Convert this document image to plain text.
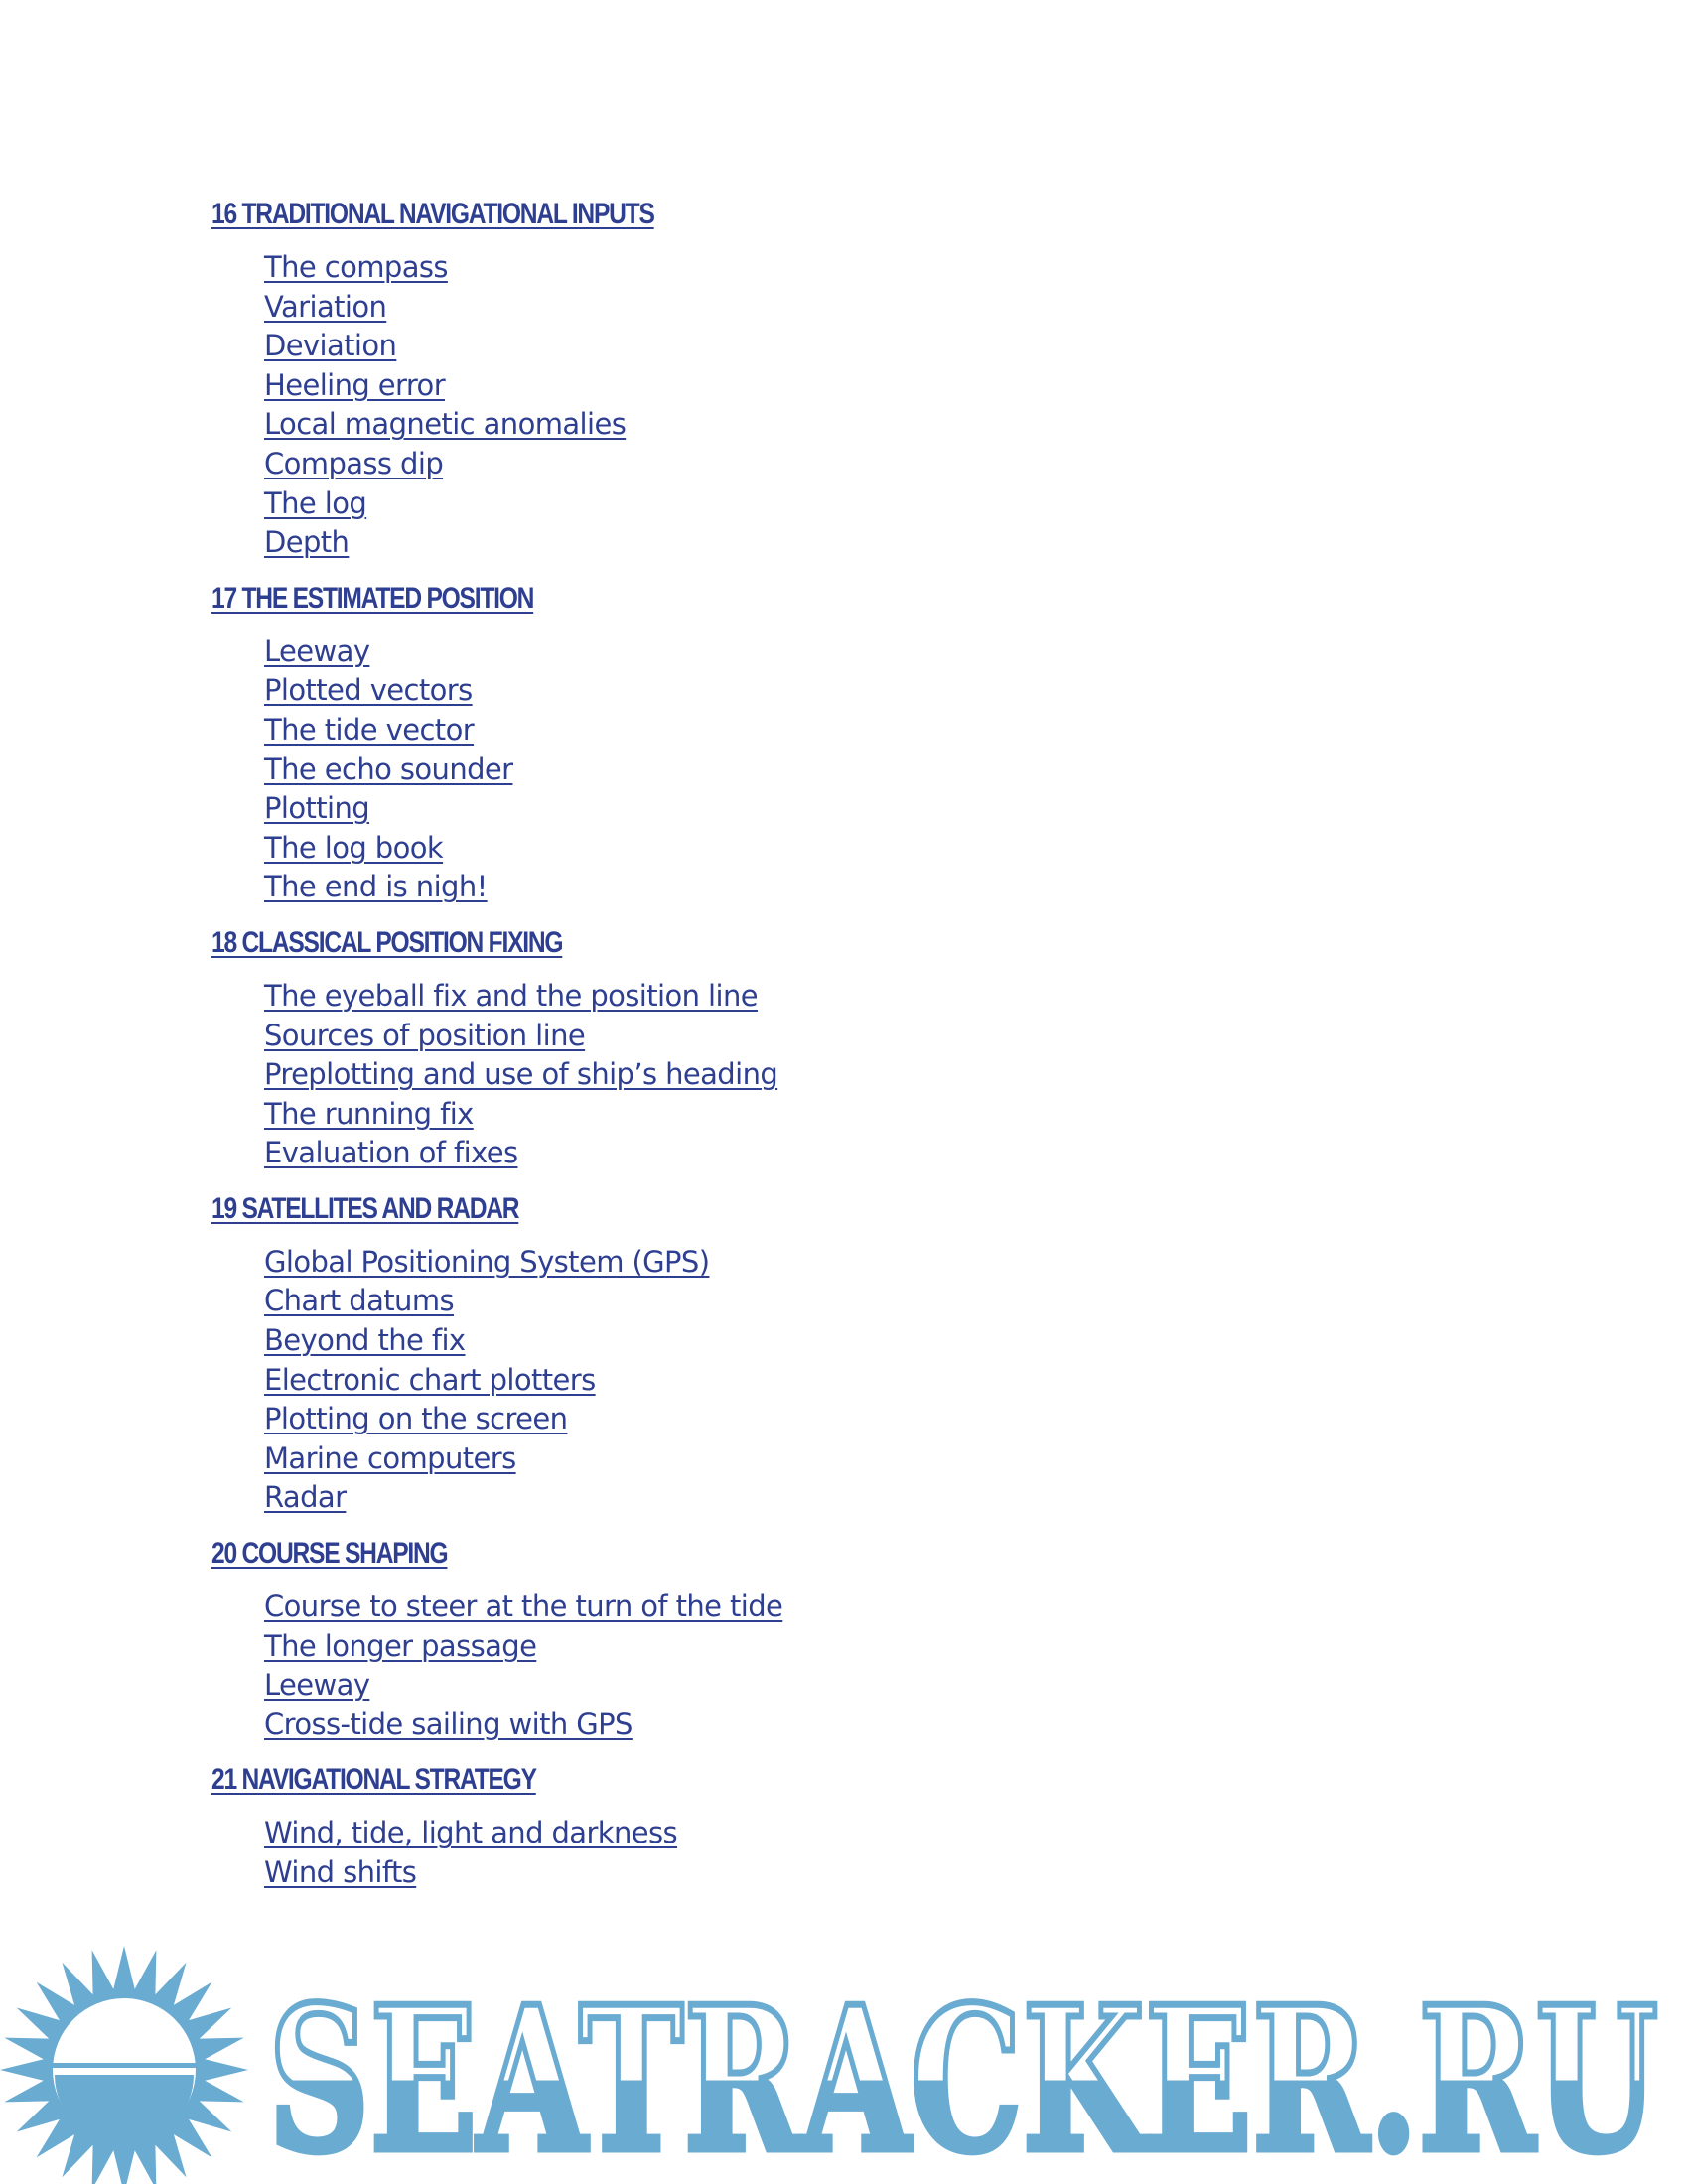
16 TRADITIONAL NAVIGATIONAL INPUTS
The compass
Variation
Deviation
Heeling error
Local magnetic anomalies
Compass dip
The log
Depth
17 THE ESTIMATED POSITION
Leeway
Plotted vectors
The tide vector
The echo sounder
Plotting
The log book
The end is nigh!
18 CLASSICAL POSITION FIXING
The eyeball fix and the position line
Sources of position line
Preplotting and use of ship’s heading
The running fix
Evaluation of fixes
19 SATELLITES AND RADAR
Global Positioning System (GPS)
Chart datums
Beyond the fix
Electronic chart plotters
Plotting on the screen
Marine computers
Radar
20 COURSE SHAPING
Course to steer at the turn of the tide
The longer passage
Leeway
Cross-tide sailing with GPS
21 NAVIGATIONAL STRATEGY
Wind, tide, light and darkness
Wind shifts
SEATRACKER.RU
